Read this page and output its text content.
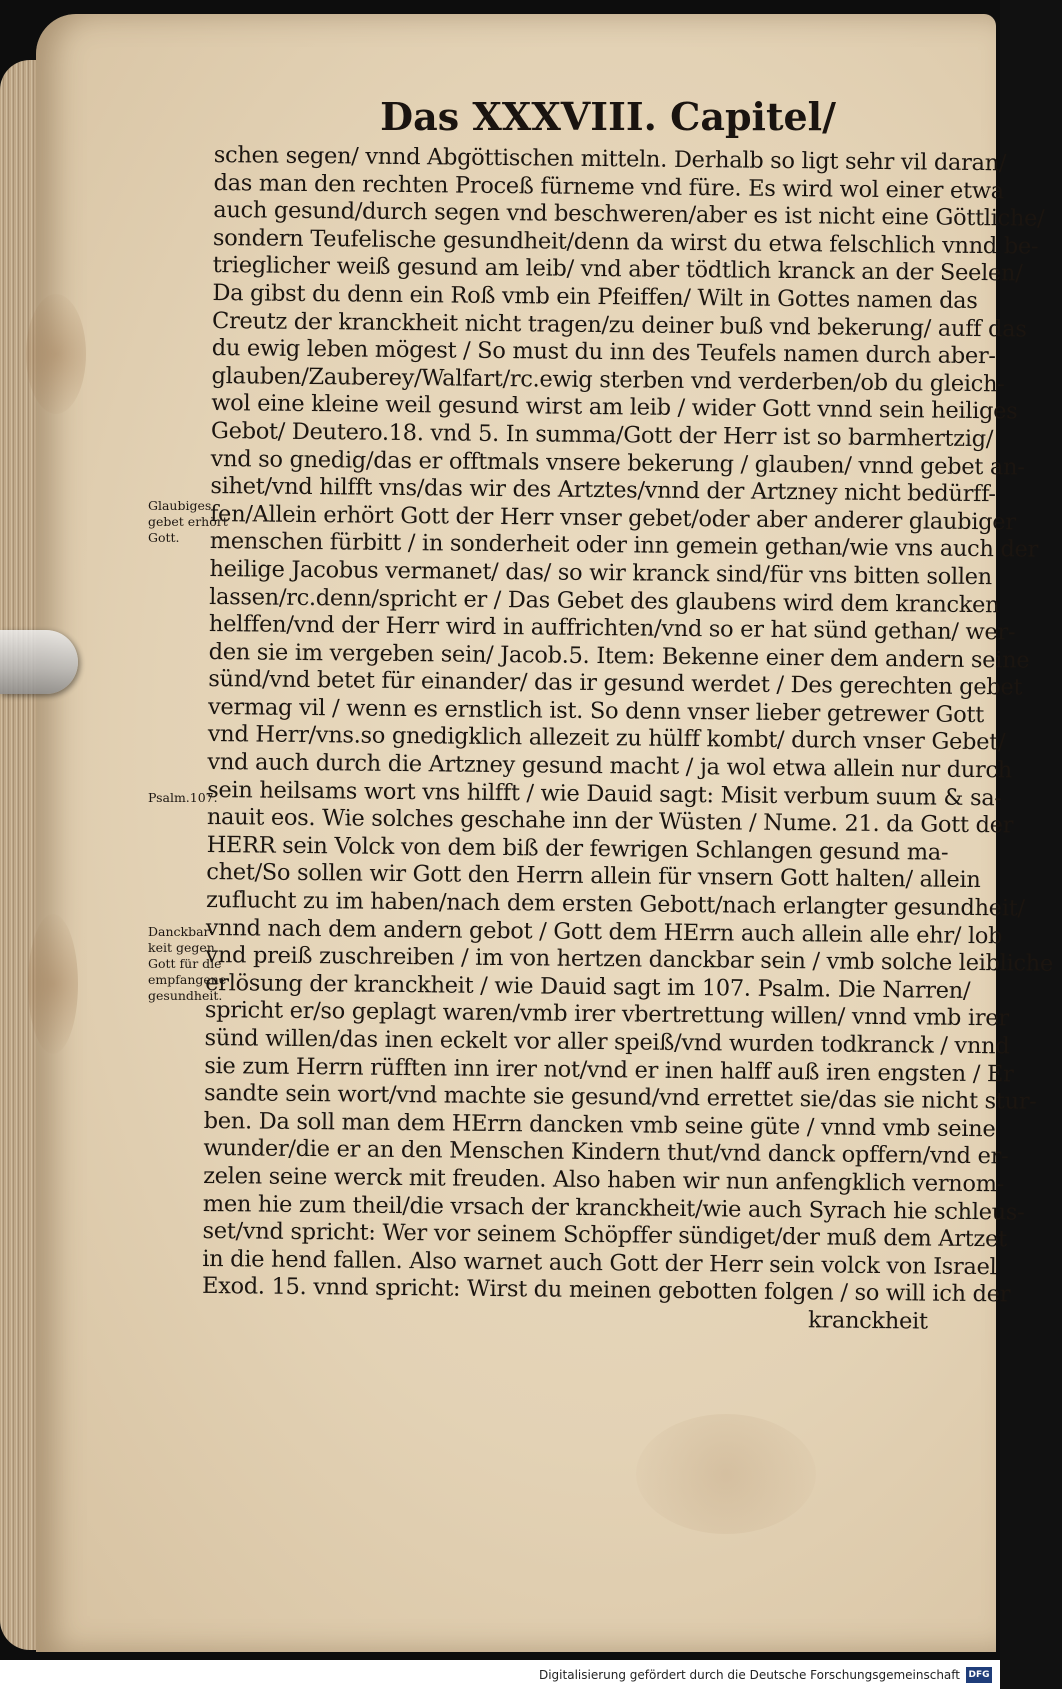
Das XXXVIII. Capitel/
Glaubiges
gebet erhört
Gott.
Psalm.107.
Danckbar-
keit gegen
Gott für die
empfangene
gesundheit.
schen segen/ vnnd Abgöttischen mitteln. Derhalb so ligt sehr vil daran/
das man den rechten Proceß fürneme vnd füre. Es wird wol einer etwa
auch gesund/durch segen vnd beschweren/aber es ist nicht eine Göttliche/
sondern Teufelische gesundheit/denn da wirst du etwa felschlich vnnd be-
trieglicher weiß gesund am leib/ vnd aber tödtlich kranck an der Seelen/
Da gibst du denn ein Roß vmb ein Pfeiffen/ Wilt in Gottes namen das
Creutz der kranckheit nicht tragen/zu deiner buß vnd bekerung/ auff das
du ewig leben mögest / So must du inn des Teufels namen durch aber-
glauben/Zauberey/Walfart/rc.ewig sterben vnd verderben/ob du gleich-
wol eine kleine weil gesund wirst am leib / wider Gott vnnd sein heiliges
Gebot/ Deutero.18. vnd 5. In summa/Gott der Herr ist so barmhertzig/
vnd so gnedig/das er offtmals vnsere bekerung / glauben/ vnnd gebet an-
sihet/vnd hilfft vns/das wir des Artztes/vnnd der Artzney nicht bedürff-
fen/Allein erhört Gott der Herr vnser gebet/oder aber anderer glaubiger
menschen fürbitt / in sonderheit oder inn gemein gethan/wie vns auch der
heilige Jacobus vermanet/ das/ so wir kranck sind/für vns bitten sollen
lassen/rc.denn/spricht er / Das Gebet des glaubens wird dem krancken
helffen/vnd der Herr wird in auffrichten/vnd so er hat sünd gethan/ wer-
den sie im vergeben sein/ Jacob.5. Item: Bekenne einer dem andern seine
sünd/vnd betet für einander/ das ir gesund werdet / Des gerechten gebet
vermag vil / wenn es ernstlich ist. So denn vnser lieber getrewer Gott
vnd Herr/vns.so gnedigklich allezeit zu hülff kombt/ durch vnser Gebet/
vnd auch durch die Artzney gesund macht / ja wol etwa allein nur durch
sein heilsams wort vns hilfft / wie Dauid sagt: Misit verbum suum & sa-
nauit eos. Wie solches geschahe inn der Wüsten / Nume. 21. da Gott der
HERR sein Volck von dem biß der fewrigen Schlangen gesund ma-
chet/So sollen wir Gott den Herrn allein für vnsern Gott halten/ allein
zuflucht zu im haben/nach dem ersten Gebott/nach erlangter gesundheit/
vnnd nach dem andern gebot / Gott dem HErrn auch allein alle ehr/ lob
vnd preiß zuschreiben / im von hertzen danckbar sein / vmb solche leibliche
erlösung der kranckheit / wie Dauid sagt im 107. Psalm. Die Narren/
spricht er/so geplagt waren/vmb irer vbertrettung willen/ vnnd vmb irer
sünd willen/das inen eckelt vor aller speiß/vnd wurden todkranck / vnnd
sie zum Herrn rüfften inn irer not/vnd er inen halff auß iren engsten / Er
sandte sein wort/vnd machte sie gesund/vnd errettet sie/das sie nicht stur-
ben. Da soll man dem HErrn dancken vmb seine güte / vnnd vmb seine
wunder/die er an den Menschen Kindern thut/vnd danck opffern/vnd er-
zelen seine werck mit freuden. Also haben wir nun anfengklich vernom-
men hie zum theil/die vrsach der kranckheit/wie auch Syrach hie schleus-
set/vnd spricht: Wer vor seinem Schöpffer sündiget/der muß dem Artzet
in die hend fallen. Also warnet auch Gott der Herr sein volck von Israel
Exod. 15. vnnd spricht: Wirst du meinen gebotten folgen / so will ich der
kranckheit
Digitalisierung gefördert durch die Deutsche Forschungsgemeinschaft DFG
